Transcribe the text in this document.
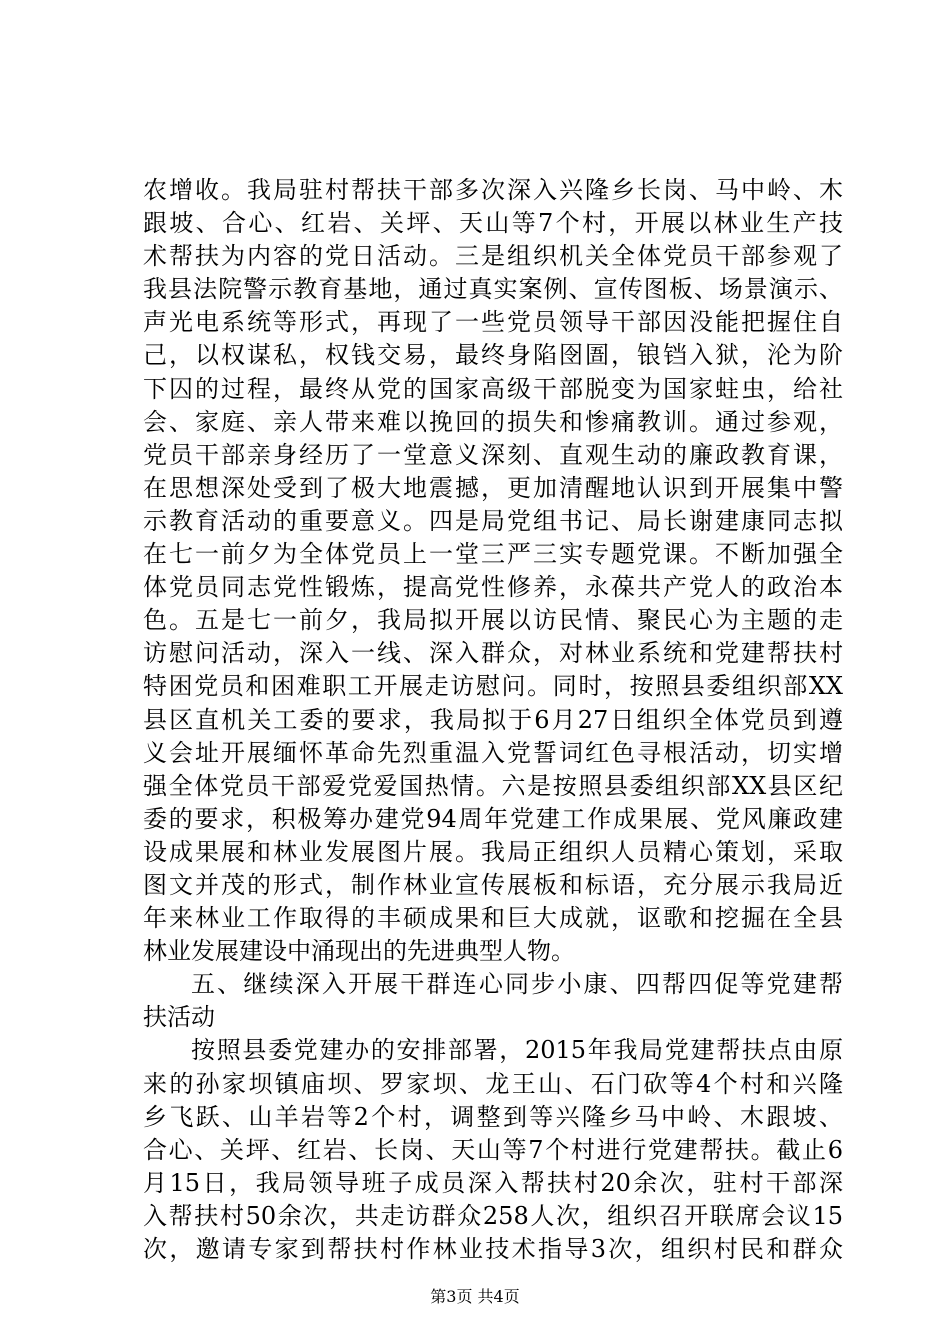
农增收。我局驻村帮扶干部多次深入兴隆乡长岗、马中岭、木
跟坡、合心、红岩、关坪、天山等7个村，开展以林业生产技
术帮扶为内容的党日活动。三是组织机关全体党员干部参观了
我县法院警示教育基地，通过真实案例、宣传图板、场景演示、
声光电系统等形式，再现了一些党员领导干部因没能把握住自
己，以权谋私，权钱交易，最终身陷囹圄，锒铛入狱，沦为阶
下囚的过程，最终从党的国家高级干部脱变为国家蛀虫，给社
会、家庭、亲人带来难以挽回的损失和惨痛教训。通过参观，
党员干部亲身经历了一堂意义深刻、直观生动的廉政教育课，
在思想深处受到了极大地震撼，更加清醒地认识到开展集中警
示教育活动的重要意义。四是局党组书记、局长谢建康同志拟
在七一前夕为全体党员上一堂三严三实专题党课。不断加强全
体党员同志党性锻炼，提高党性修养，永葆共产党人的政治本
色。五是七一前夕，我局拟开展以访民情、聚民心为主题的走
访慰问活动，深入一线、深入群众，对林业系统和党建帮扶村
特困党员和困难职工开展走访慰问。同时，按照县委组织部XX
县区直机关工委的要求，我局拟于6月27日组织全体党员到遵
义会址开展缅怀革命先烈重温入党誓词红色寻根活动，切实增
强全体党员干部爱党爱国热情。六是按照县委组织部XX县区纪
委的要求，积极筹办建党94周年党建工作成果展、党风廉政建
设成果展和林业发展图片展。我局正组织人员精心策划，采取
图文并茂的形式，制作林业宣传展板和标语，充分展示我局近
年来林业工作取得的丰硕成果和巨大成就，讴歌和挖掘在全县
林业发展建设中涌现出的先进典型人物。
五、继续深入开展干群连心同步小康、四帮四促等党建帮
扶活动
按照县委党建办的安排部署，2015年我局党建帮扶点由原
来的孙家坝镇庙坝、罗家坝、龙王山、石门砍等4个村和兴隆
乡飞跃、山羊岩等2个村，调整到等兴隆乡马中岭、木跟坡、
合心、关坪、红岩、长岗、天山等7个村进行党建帮扶。截止6
月15日，我局领导班子成员深入帮扶村20余次，驻村干部深
入帮扶村50余次，共走访群众258人次，组织召开联席会议15
次，邀请专家到帮扶村作林业技术指导3次，组织村民和群众
第3页 共4页
